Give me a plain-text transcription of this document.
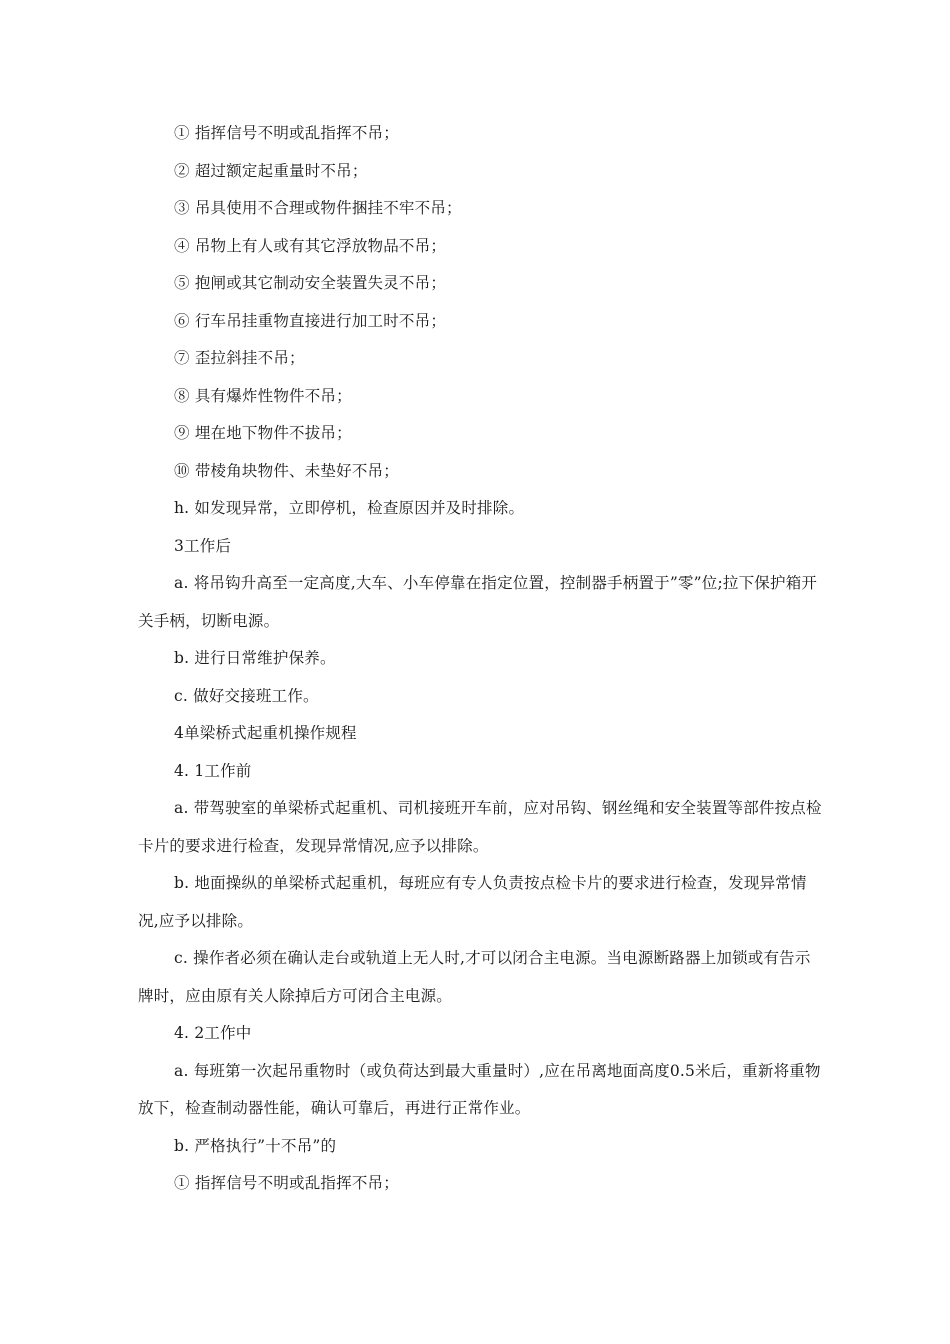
① 指挥信号不明或乱指挥不吊；

② 超过额定起重量时不吊；

③ 吊具使用不合理或物件捆挂不牢不吊；

④ 吊物上有人或有其它浮放物品不吊；

⑤ 抱闸或其它制动安全装置失灵不吊；

⑥ 行车吊挂重物直接进行加工时不吊；

⑦ 歪拉斜挂不吊；

⑧ 具有爆炸性物件不吊；

⑨ 埋在地下物件不拔吊；

⑩ 带棱角块物件、未垫好不吊；

h. 如发现异常，立即停机，检查原因并及时排除。

3工作后

a. 将吊钩升高至一定高度,大车、小车停靠在指定位置，控制器手柄置于”零”位;拉下保护箱开关手柄，切断电源。

b. 进行日常维护保养。

c. 做好交接班工作。

4单梁桥式起重机操作规程

4. 1工作前

a. 带驾驶室的单梁桥式起重机、司机接班开车前，应对吊钩、钢丝绳和安全装置等部件按点检卡片的要求进行检查，发现异常情况,应予以排除。

b. 地面操纵的单梁桥式起重机，每班应有专人负责按点检卡片的要求进行检查，发现异常情况,应予以排除。

c. 操作者必须在确认走台或轨道上无人时,才可以闭合主电源。当电源断路器上加锁或有告示牌时，应由原有关人除掉后方可闭合主电源。

4. 2工作中

a. 每班第一次起吊重物时（或负荷达到最大重量时）,应在吊离地面高度0.5米后，重新将重物放下，检查制动器性能，确认可靠后，再进行正常作业。

b. 严格执行”十不吊”的

① 指挥信号不明或乱指挥不吊；
